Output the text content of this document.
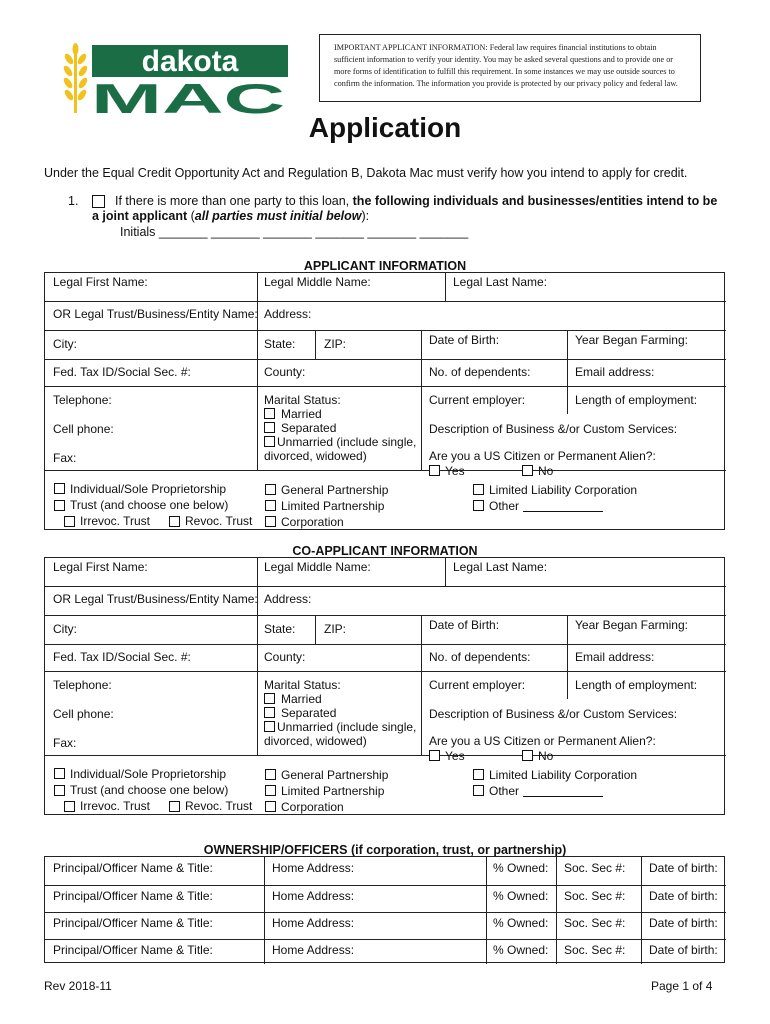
dakota
MAC
IMPORTANT APPLICANT INFORMATION: Federal law requires financial institutions to obtain sufficient information to verify your identity. You may be asked several questions and to provide one or more forms of identification to fulfill this requirement. In some instances we may use outside sources to confirm the information. The information you provide is protected by our privacy policy and federal law.
Application
Under the Equal Credit Opportunity Act and Regulation B, Dakota Mac must verify how you intend to apply for credit.
1.	If there is more than one party to this loan, the following individuals and businesses/entities intend to be
a joint applicant (all parties must initial below):
Initials _______ _______ _______ _______ _______ _______
OWNERSHIP/OFFICERS (if corporation, trust, or partnership)
Principal/Officer Name & Title:	Home Address:	% Owned: Soc. Sec #: Date of birth:
Principal/Officer Name & Title:	Home Address:	% Owned: Soc. Sec #: Date of birth:
Principal/Officer Name & Title:	Home Address:	% Owned: Soc. Sec #: Date of birth:
Principal/Officer Name & Title:	Home Address:	% Owned: Soc. Sec #: Date of birth:
Rev 2018-11	Page 1 of 4
APPLICANT INFORMATION
Legal First Name:	Legal Middle Name:	Legal Last Name:
OR Legal Trust/Business/Entity Name: Address:
City:	State: ZIP:	Date of Birth:	Year Began Farming:
Fed. Tax ID/Social Sec. #:	County:	No. of dependents:	Email address:
Telephone:	Marital Status:
Married
Separated
Unmarried (include single,
divorced, widowed)
Current employer:	Length of employment:
Cell phone:	Description of Business &/or Custom Services:
Fax:	Are you a US Citizen or Permanent Alien?:
Yes	No
Individual/Sole Proprietorship
Trust (and choose one below)
Irrevoc. Trust	Revoc. Trust
General Partnership
Limited Partnership
Corporation
Limited Liability Corporation
Other
CO-APPLICANT INFORMATION
Legal First Name:	Legal Middle Name:	Legal Last Name:
OR Legal Trust/Business/Entity Name: Address:
City:	State: ZIP:	Date of Birth:	Year Began Farming:
Fed. Tax ID/Social Sec. #:	County:	No. of dependents:	Email address:
Telephone:	Marital Status:
Married
Separated
Unmarried (include single,
divorced, widowed)
Current employer:	Length of employment:
Cell phone:	Description of Business &/or Custom Services:
Fax:	Are you a US Citizen or Permanent Alien?:
Yes	No
Individual/Sole Proprietorship
Trust (and choose one below)
Irrevoc. Trust	Revoc. Trust
General Partnership
Limited Partnership
Corporation
Limited Liability Corporation
Other
